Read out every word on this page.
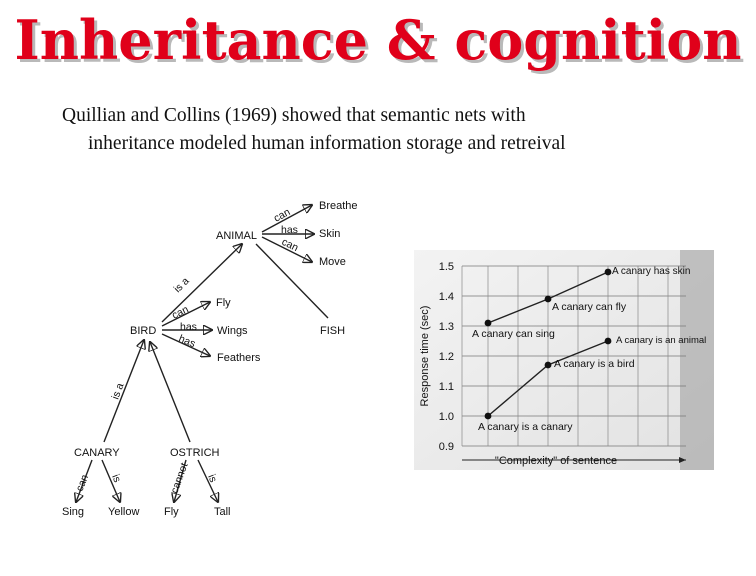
Inheritance & cognition
Quillian and Collins (1969) showed that semantic nets with
inheritance modeled human information storage and retreival
ANIMAL
Breathe
Skin
Move
BIRD
Fly
Wings
Feathers
FISH
CANARY	OSTRICH
Sing Yellow Fly	Tall
can
has
can
is a
can
has
has
is a
can is	cannot is
1.5
1.4
1.3
1.2
1.1
1.0
0.9
"Complexity" of sentence
Response time (sec)
A canary is a canary
A canary is a bird
A canary is an animal
A canary can sing
A canary can fly
A canary has skin
